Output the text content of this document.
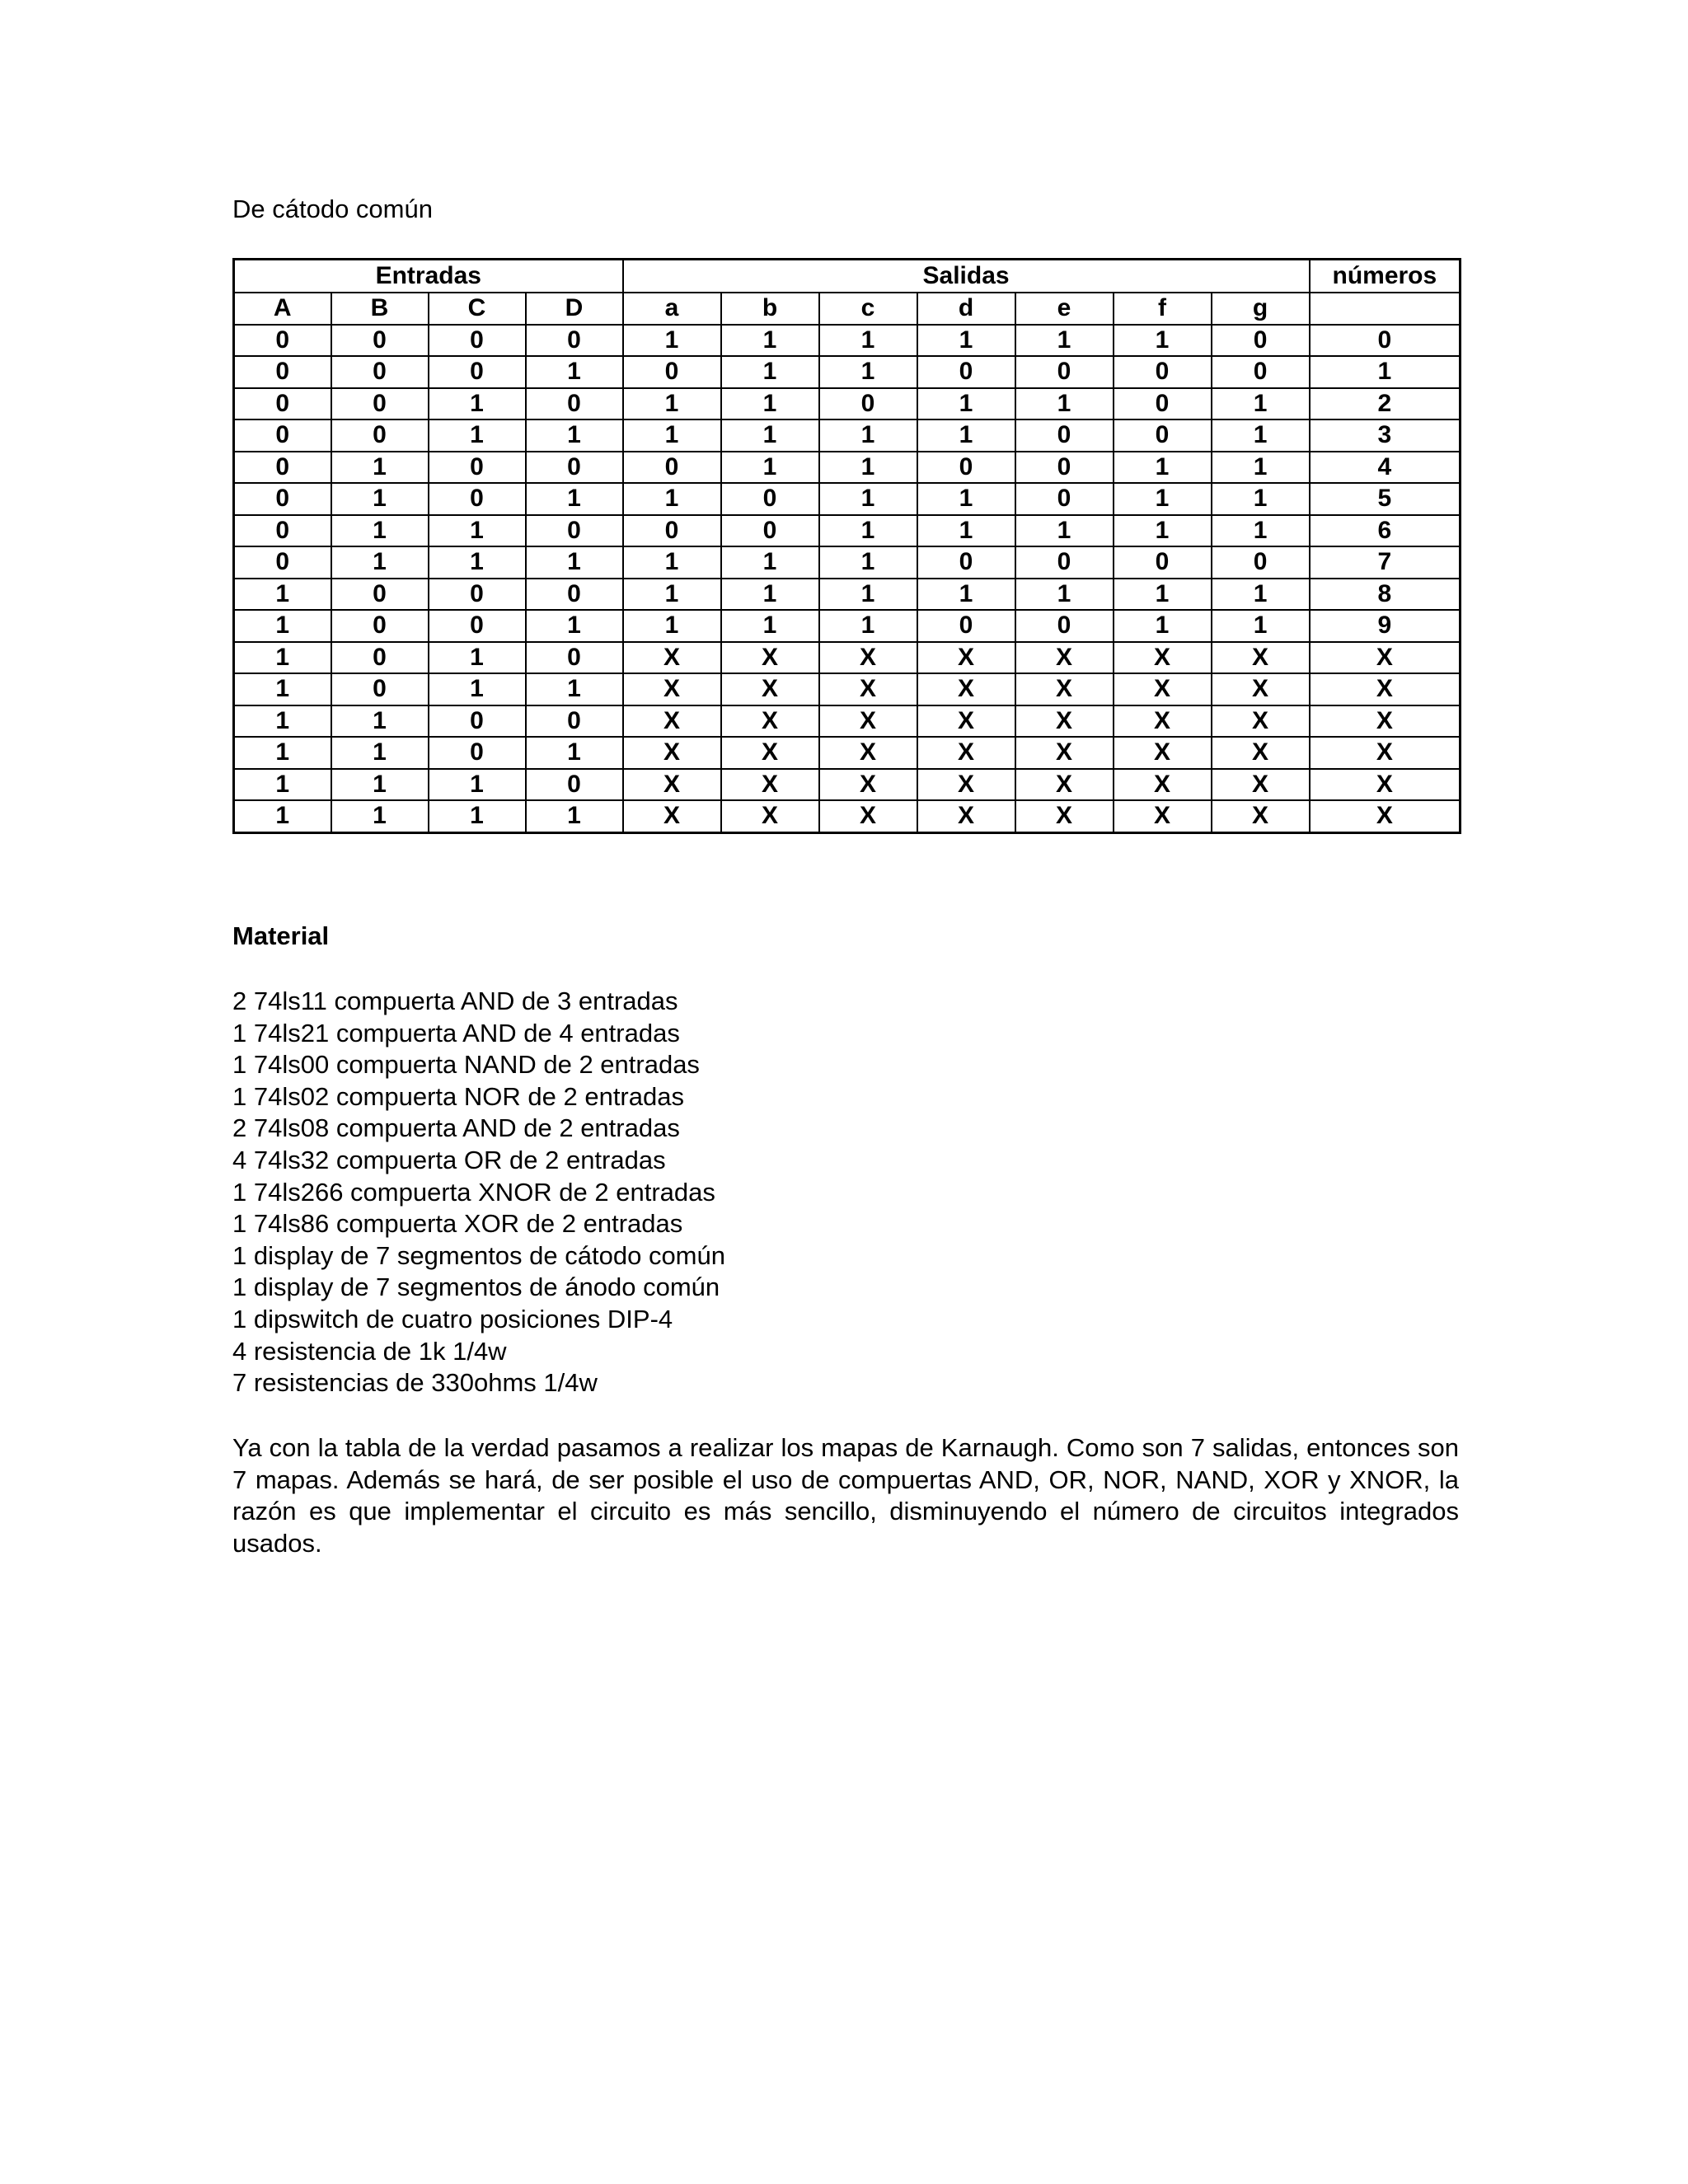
De cátodo común
Entradas				Salidas							números
A	B	C	D	a	b	c	d	e	f	g	
0	0	0	0	1	1	1	1	1	1	0	0
0	0	0	1	0	1	1	0	0	0	0	1
0	0	1	0	1	1	0	1	1	0	1	2
0	0	1	1	1	1	1	1	0	0	1	3
0	1	0	0	0	1	1	0	0	1	1	4
0	1	0	1	1	0	1	1	0	1	1	5
0	1	1	0	0	0	1	1	1	1	1	6
0	1	1	1	1	1	1	0	0	0	0	7
1	0	0	0	1	1	1	1	1	1	1	8
1	0	0	1	1	1	1	0	0	1	1	9
1	0	1	0	X	X	X	X	X	X	X	X
1	0	1	1	X	X	X	X	X	X	X	X
1	1	0	0	X	X	X	X	X	X	X	X
1	1	0	1	X	X	X	X	X	X	X	X
1	1	1	0	X	X	X	X	X	X	X	X
1	1	1	1	X	X	X	X	X	X	X	X
Material
2 74ls11 compuerta AND de 3 entradas
1 74ls21 compuerta AND de 4 entradas
1 74ls00 compuerta NAND de 2 entradas
1 74ls02 compuerta NOR de 2 entradas
2 74ls08 compuerta AND de 2 entradas
4 74ls32 compuerta OR de 2 entradas
1 74ls266 compuerta XNOR de 2 entradas
1 74ls86 compuerta XOR de 2 entradas
1 display de 7 segmentos de cátodo común
1 display de 7 segmentos de ánodo común
1 dipswitch de cuatro posiciones DIP-4
4 resistencia de 1k 1/4w
7 resistencias de 330ohms 1/4w

Ya con la tabla de la verdad pasamos a realizar los mapas de Karnaugh. Como son 7 salidas, entonces son 7 mapas. Además se hará, de ser posible el uso de compuertas AND, OR, NOR, NAND, XOR y XNOR, la razón es que implementar el circuito es más sencillo, disminuyendo el número de circuitos integrados usados.
